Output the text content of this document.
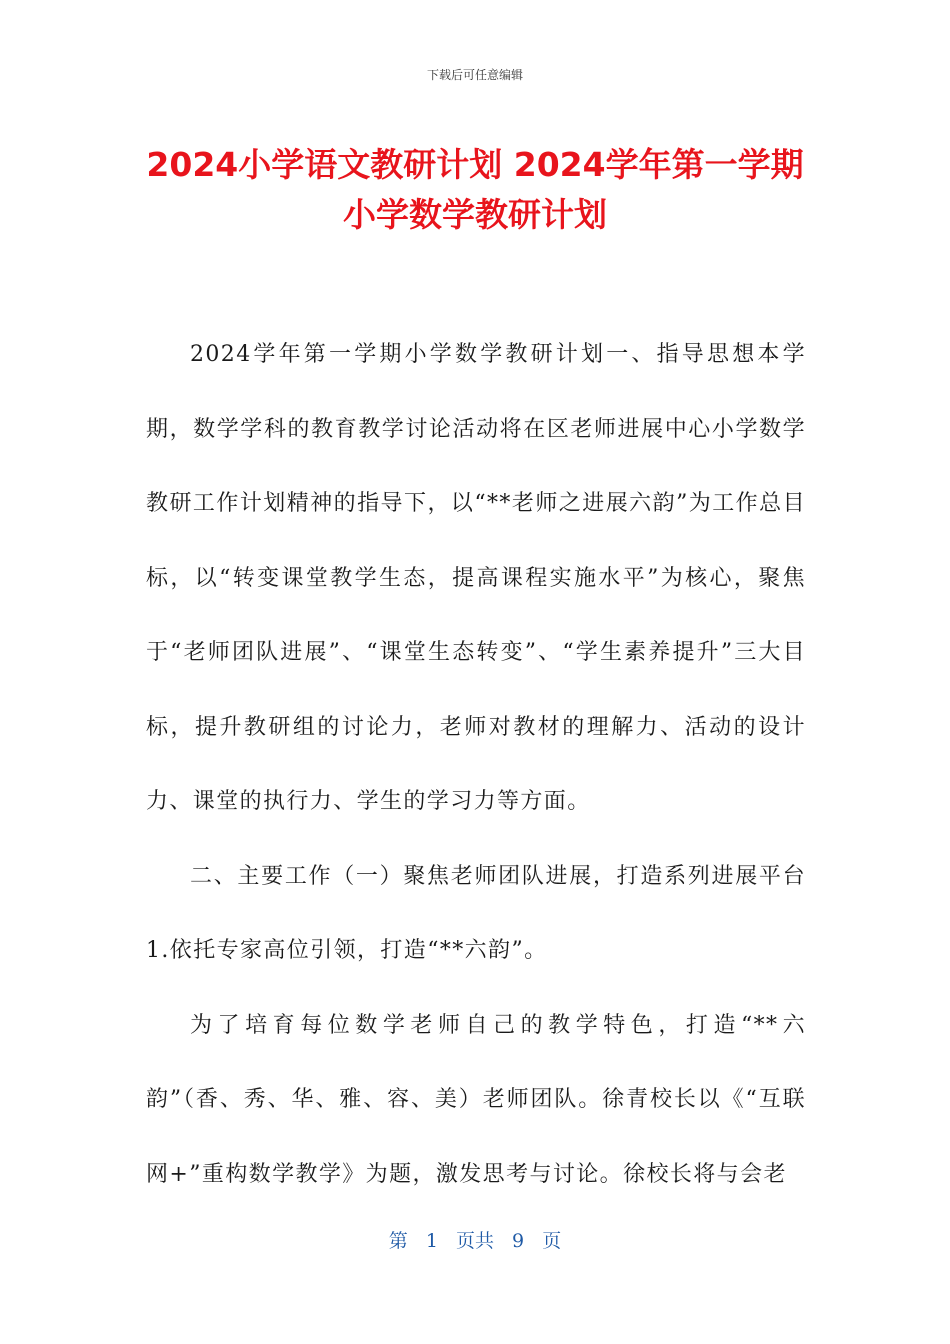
下载后可任意编辑
2024小学语文教研计划 2024学年第一学期
小学数学教研计划

2024学年第一学期小学数学教研计划一、指导思想本学期，数学学科的教育教学讨论活动将在区老师进展中心小学数学教研工作计划精神的指导下，以“**老师之进展六韵”为工作总目标，以“转变课堂教学生态，提高课程实施水平”为核心，聚焦于“老师团队进展”、“课堂生态转变”、“学生素养提升”三大目标，提升教研组的讨论力，老师对教材的理解力、活动的设计力、课堂的执行力、学生的学习力等方面。

二、主要工作（一）聚焦老师团队进展，打造系列进展平台1.依托专家高位引领，打造“**六韵”。

为了培育每位数学老师自己的教学特色，打造“**六韵”（香、秀、华、雅、容、美）老师团队。徐青校长以《“互联网+”重构数学教学》为题，激发思考与讨论。徐校长将与会老

第 1 页共 9 页
